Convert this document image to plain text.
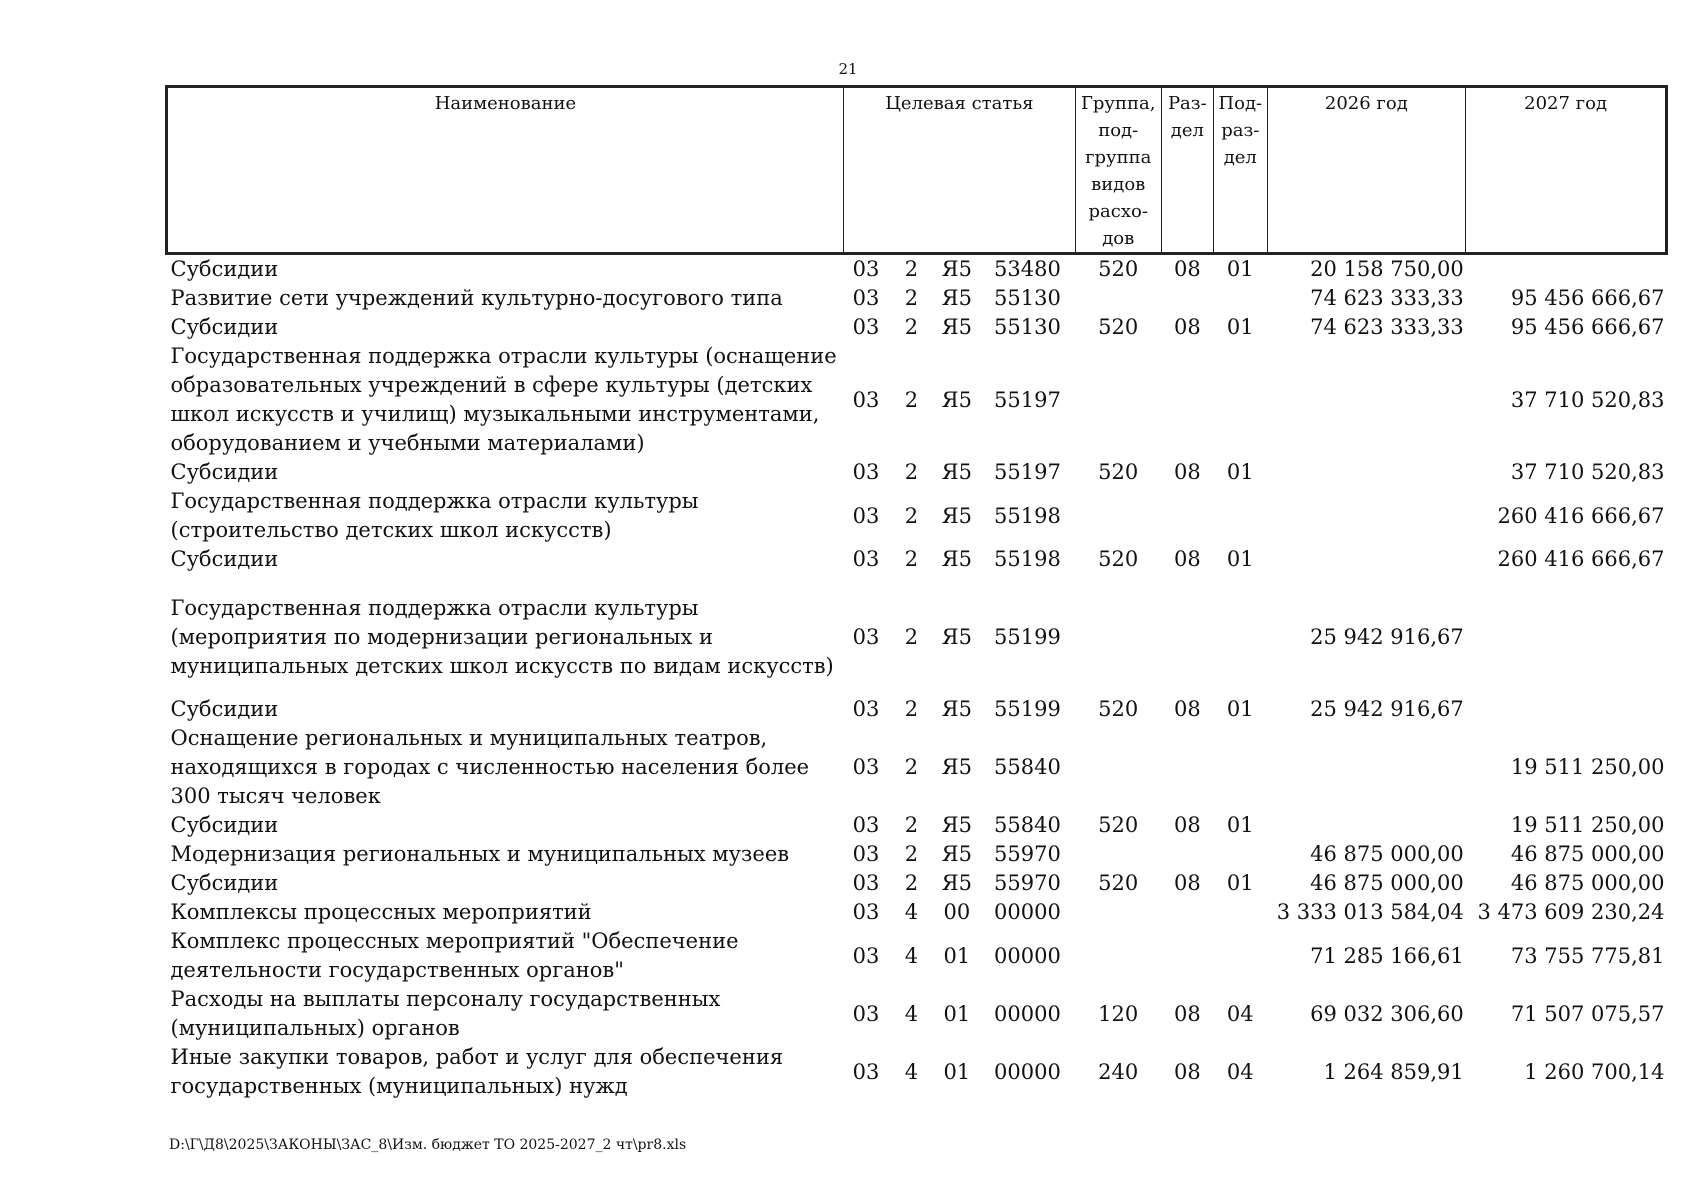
21
Наименование	Целевая статья				Группа, под-группа видов расхо-дов	Раз-дел	Под-раз-дел	2026 год	2027 год
Субсидии	03	2	Я5	53480	520	08	01	20 158 750,00	
Развитие сети учреждений культурно-досугового типа	03	2	Я5	55130				74 623 333,33	95 456 666,67
Субсидии	03	2	Я5	55130	520	08	01	74 623 333,33	95 456 666,67
Государственная поддержка отрасли культуры (оснащение образовательных учреждений в сфере культуры (детских школ искусств и училищ) музыкальными инструментами, оборудованием и учебными материалами)	03	2	Я5	55197					37 710 520,83
Субсидии	03	2	Я5	55197	520	08	01		37 710 520,83
Государственная поддержка отрасли культуры (строительство детских школ искусств)	03	2	Я5	55198					260 416 666,67
Субсидии	03	2	Я5	55198	520	08	01		260 416 666,67
Государственная поддержка отрасли культуры (мероприятия по модернизации региональных и муниципальных детских школ искусств по видам искусств)	03	2	Я5	55199				25 942 916,67	
Субсидии	03	2	Я5	55199	520	08	01	25 942 916,67	
Оснащение региональных и муниципальных театров, находящихся в городах с численностью населения более 300 тысяч человек	03	2	Я5	55840					19 511 250,00
Субсидии	03	2	Я5	55840	520	08	01		19 511 250,00
Модернизация региональных и муниципальных музеев	03	2	Я5	55970				46 875 000,00	46 875 000,00
Субсидии	03	2	Я5	55970	520	08	01	46 875 000,00	46 875 000,00
Комплексы процессных мероприятий	03	4	00	00000				3 333 013 584,04	3 473 609 230,24
Комплекс процессных мероприятий "Обеспечение деятельности государственных органов"	03	4	01	00000				71 285 166,61	73 755 775,81
Расходы на выплаты персоналу государственных (муниципальных) органов	03	4	01	00000	120	08	04	69 032 306,60	71 507 075,57
Иные закупки товаров, работ и услуг для обеспечения государственных (муниципальных) нужд	03	4	01	00000	240	08	04	1 264 859,91	1 260 700,14
D:\Г\Д8\2025\ЗАКОНЫ\ЗАС_8\Изм. бюджет ТО 2025-2027_2 чт\pr8.xls
